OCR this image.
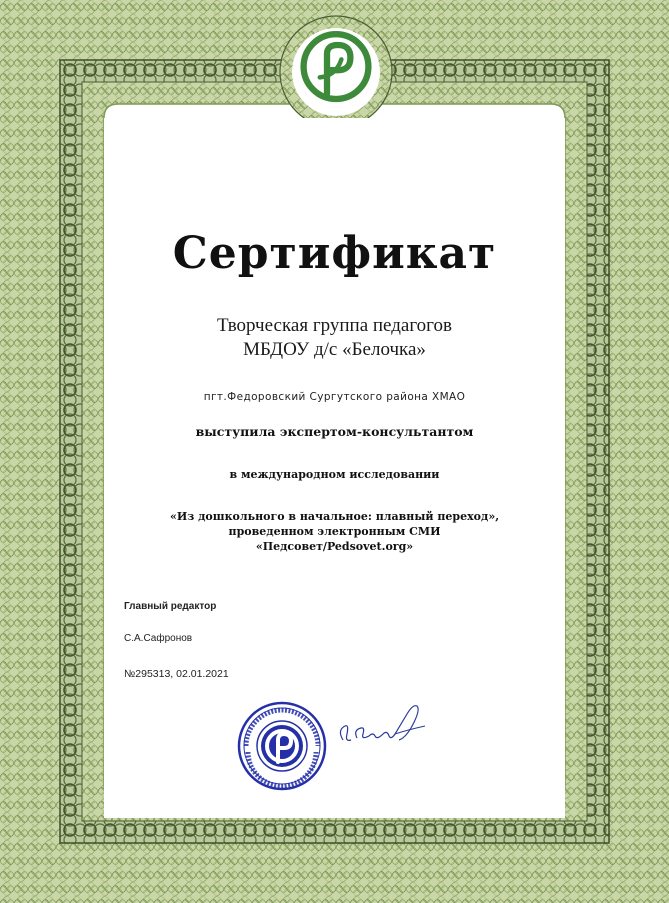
Сертификат
Творческая группа педагогов
МБДОУ д/с «Белочка»
пгт.Федоровский Сургутского района ХМАО
выступила экспертом-консультантом
в международном исследовании
«Из дошкольного в начальное: плавный переход»,
проведенном электронным СМИ
«Педсовет/Pedsovet.org»
Главный редактор
С.А.Сафронов
№295313, 02.01.2021
